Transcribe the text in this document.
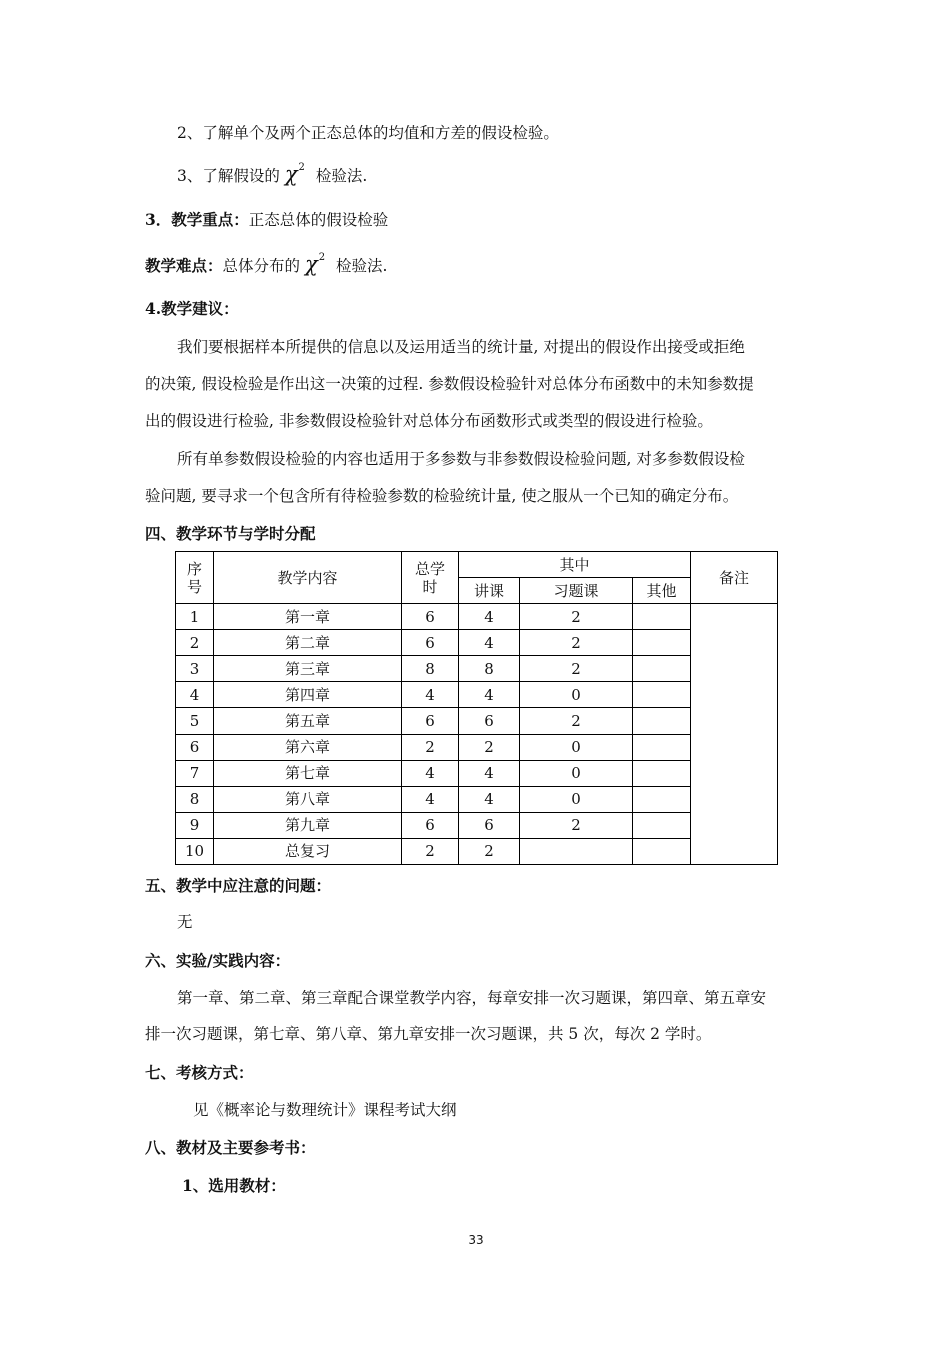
2、了解单个及两个正态总体的均值和方差的假设检验。
3、了解假设的 $\chi^2$ 检验法.
3．教学重点：正态总体的假设检验
教学难点：总体分布的 $\chi^2$ 检验法.
4.教学建议：
我们要根据样本所提供的信息以及运用适当的统计量, 对提出的假设作出接受或拒绝
的决策, 假设检验是作出这一决策的过程. 参数假设检验针对总体分布函数中的未知参数提
出的假设进行检验, 非参数假设检验针对总体分布函数形式或类型的假设进行检验。
所有单参数假设检验的内容也适用于多参数与非参数假设检验问题, 对多参数假设检
验问题, 要寻求一个包含所有待检验参数的检验统计量, 使之服从一个已知的确定分布。
四、教学环节与学时分配
序
号	教学内容	总学
时	其中			备注
			讲课	习题课	其他	
1	第一章	6	4	2		
2	第二章	6	4	2		
3	第三章	8	8	2		
4	第四章	4	4	0		
5	第五章	6	6	2		
6	第六章	2	2	0		
7	第七章	4	4	0		
8	第八章	4	4	0		
9	第九章	6	6	2		
10	总复习	2	2			
五、教学中应注意的问题：
无
六、实验/实践内容：
第一章、第二章、第三章配合课堂教学内容，每章安排一次习题课，第四章、第五章安
排一次习题课，第七章、第八章、第九章安排一次习题课，共 5 次，每次 2 学时。
七、考核方式：
见《概率论与数理统计》课程考试大纲
八、教材及主要参考书：
1、选用教材：
33
